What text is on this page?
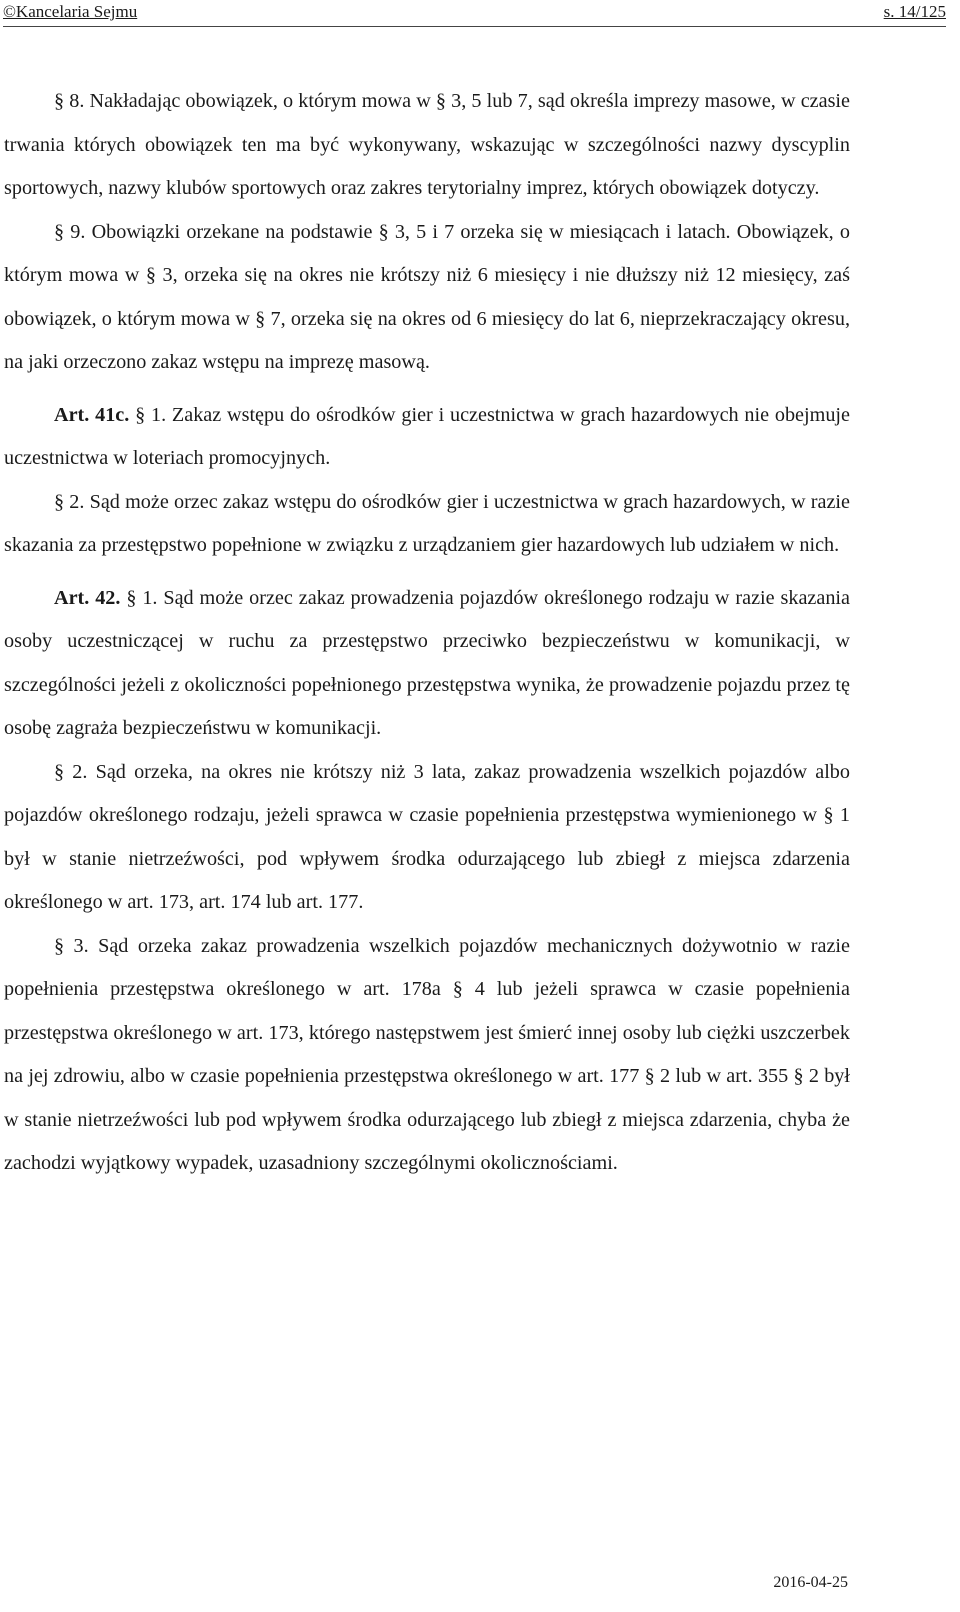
©Kancelaria Sejmu	s. 14/125

§ 8. Nakładając obowiązek, o którym mowa w § 3, 5 lub 7, sąd określa imprezy masowe, w czasie trwania których obowiązek ten ma być wykonywany, wskazując w szczególności nazwy dyscyplin sportowych, nazwy klubów sportowych oraz zakres terytorialny imprez, których obowiązek dotyczy.

§ 9. Obowiązki orzekane na podstawie § 3, 5 i 7 orzeka się w miesiącach i latach. Obowiązek, o którym mowa w § 3, orzeka się na okres nie krótszy niż 6 miesięcy i nie dłuższy niż 12 miesięcy, zaś obowiązek, o którym mowa w § 7, orzeka się na okres od 6 miesięcy do lat 6, nieprzekraczający okresu, na jaki orzeczono zakaz wstępu na imprezę masową.

Art. 41c. § 1. Zakaz wstępu do ośrodków gier i uczestnictwa w grach hazardowych nie obejmuje uczestnictwa w loteriach promocyjnych.

§ 2. Sąd może orzec zakaz wstępu do ośrodków gier i uczestnictwa w grach hazardowych, w razie skazania za przestępstwo popełnione w związku z urządzaniem gier hazardowych lub udziałem w nich.

Art. 42. § 1. Sąd może orzec zakaz prowadzenia pojazdów określonego rodzaju w razie skazania osoby uczestniczącej w ruchu za przestępstwo przeciwko bezpieczeństwu w komunikacji, w szczególności jeżeli z okoliczności popełnionego przestępstwa wynika, że prowadzenie pojazdu przez tę osobę zagraża bezpieczeństwu w komunikacji.

§ 2. Sąd orzeka, na okres nie krótszy niż 3 lata, zakaz prowadzenia wszelkich pojazdów albo pojazdów określonego rodzaju, jeżeli sprawca w czasie popełnienia przestępstwa wymienionego w § 1 był w stanie nietrzeźwości, pod wpływem środka odurzającego lub zbiegł z miejsca zdarzenia określonego w art. 173, art. 174 lub art. 177.

§ 3. Sąd orzeka zakaz prowadzenia wszelkich pojazdów mechanicznych dożywotnio w razie popełnienia przestępstwa określonego w art. 178a § 4 lub jeżeli sprawca w czasie popełnienia przestępstwa określonego w art. 173, którego następstwem jest śmierć innej osoby lub ciężki uszczerbek na jej zdrowiu, albo w czasie popełnienia przestępstwa określonego w art. 177 § 2 lub w art. 355 § 2 był w stanie nietrzeźwości lub pod wpływem środka odurzającego lub zbiegł z miejsca zdarzenia, chyba że zachodzi wyjątkowy wypadek, uzasadniony szczególnymi okolicznościami.

2016-04-25
